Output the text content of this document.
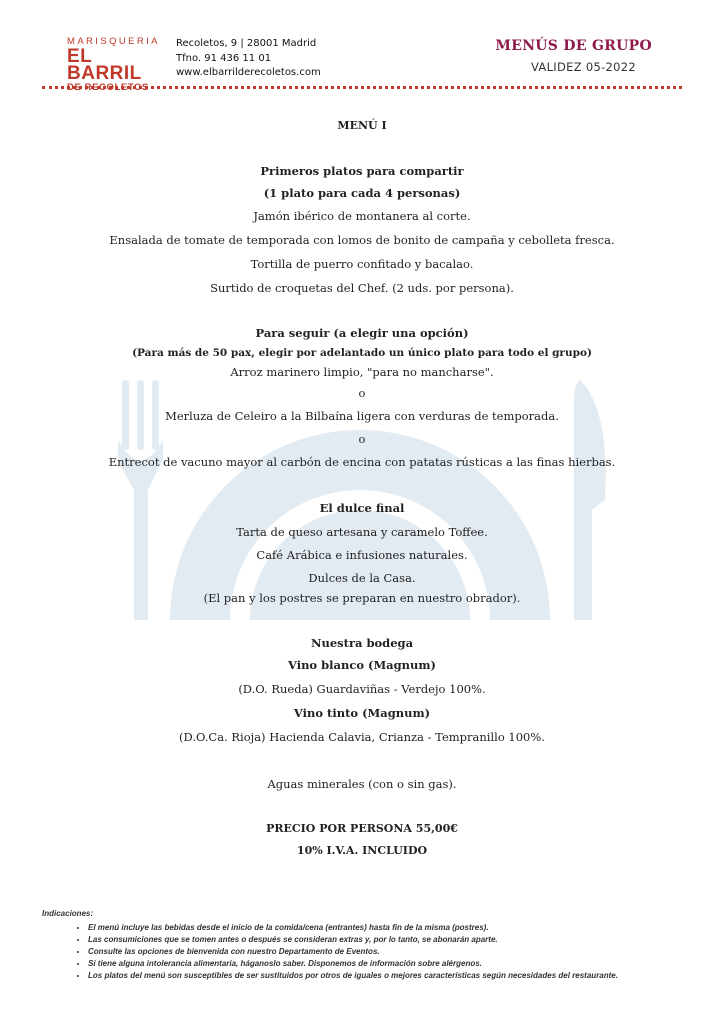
MARISQUERIA
EL BARRIL
DE RECOLETOS
Recoletos, 9 | 28001 Madrid
Tfno. 91 436 11 01
www.elbarrilderecoletos.com
MENÚS DE GRUPO
VALIDEZ 05-2022

MENÚ I

Primeros platos para compartir

(1 plato para cada 4 personas)

Jamón ibérico de montanera al corte.

Ensalada de tomate de temporada con lomos de bonito de campaña y cebolleta fresca.

Tortilla de puerro confitado y bacalao.

Surtido de croquetas del Chef. (2 uds. por persona).

Para seguir (a elegir una opción)

(Para más de 50 pax, elegir por adelantado un único plato para todo el grupo)

Arroz marinero limpio, "para no mancharse".

o

Merluza de Celeiro a la Bilbaína ligera con verduras de temporada.

o

Entrecot de vacuno mayor al carbón de encina con patatas rústicas a las finas hierbas.

El dulce final

Tarta de queso artesana y caramelo Toffee.

Café Arábica e infusiones naturales.

Dulces de la Casa.

(El pan y los postres se preparan en nuestro obrador).

Nuestra bodega

Vino blanco (Magnum)

(D.O. Rueda) Guardaviñas - Verdejo 100%.

Vino tinto (Magnum)

(D.O.Ca. Rioja) Hacienda Calavia, Crianza - Tempranillo 100%.

Aguas minerales (con o sin gas).

PRECIO POR PERSONA 55,00€

10% I.V.A. INCLUIDO

Indicaciones:
• El menú incluye las bebidas desde el inicio de la comida/cena (entrantes) hasta fin de la misma (postres).
• Las consumiciones que se tomen antes o después se consideran extras y, por lo tanto, se abonarán aparte.
• Consulte las opciones de bienvenida con nuestro Departamento de Eventos.
• Si tiene alguna intolerancia alimentaria, háganoslo saber. Disponemos de información sobre alérgenos.
• Los platos del menú son susceptibles de ser sustituidos por otros de iguales o mejores características según necesidades del restaurante.
